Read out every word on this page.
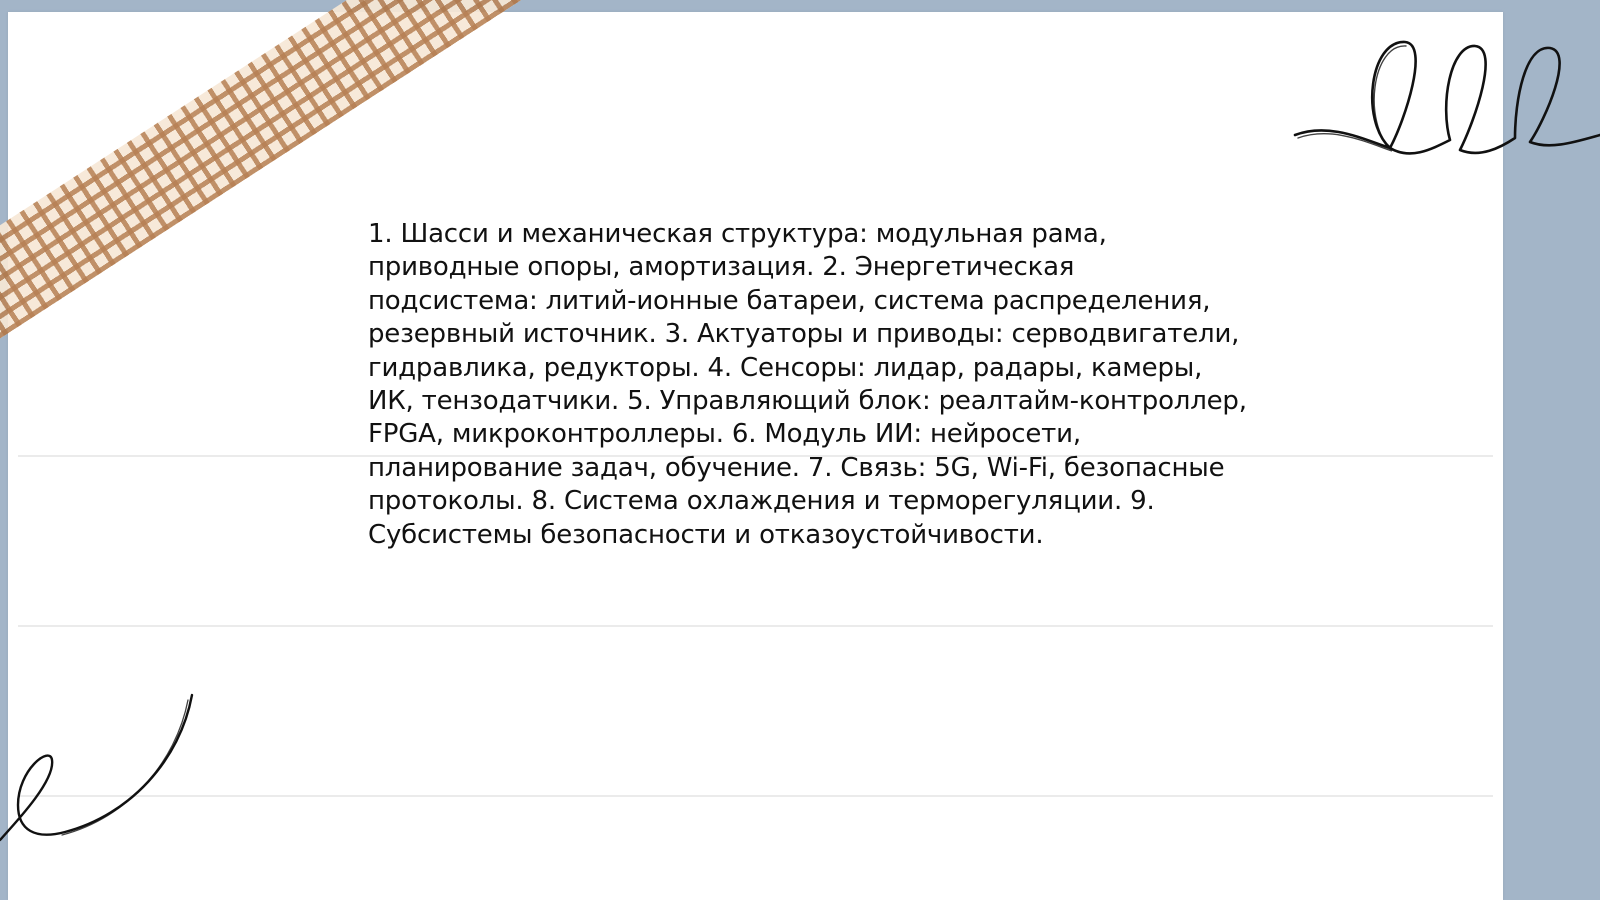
1. Шасси и механическая структура: модульная рама, приводные опоры, амортизация. 2. Энергетическая подсистема: литий-ионные батареи, система распределения, резервный источник. 3. Актуаторы и приводы: серводвигатели, гидравлика, редукторы. 4. Сенсоры: лидар, радары, камеры, ИК, тензодатчики. 5. Управляющий блок: реалтайм-контроллер, FPGA, микроконтроллеры. 6. Модуль ИИ: нейросети, планирование задач, обучение. 7. Связь: 5G, Wi-Fi, безопасные протоколы. 8. Система охлаждения и терморегуляции. 9. Субсистемы безопасности и отказоустойчивости.
